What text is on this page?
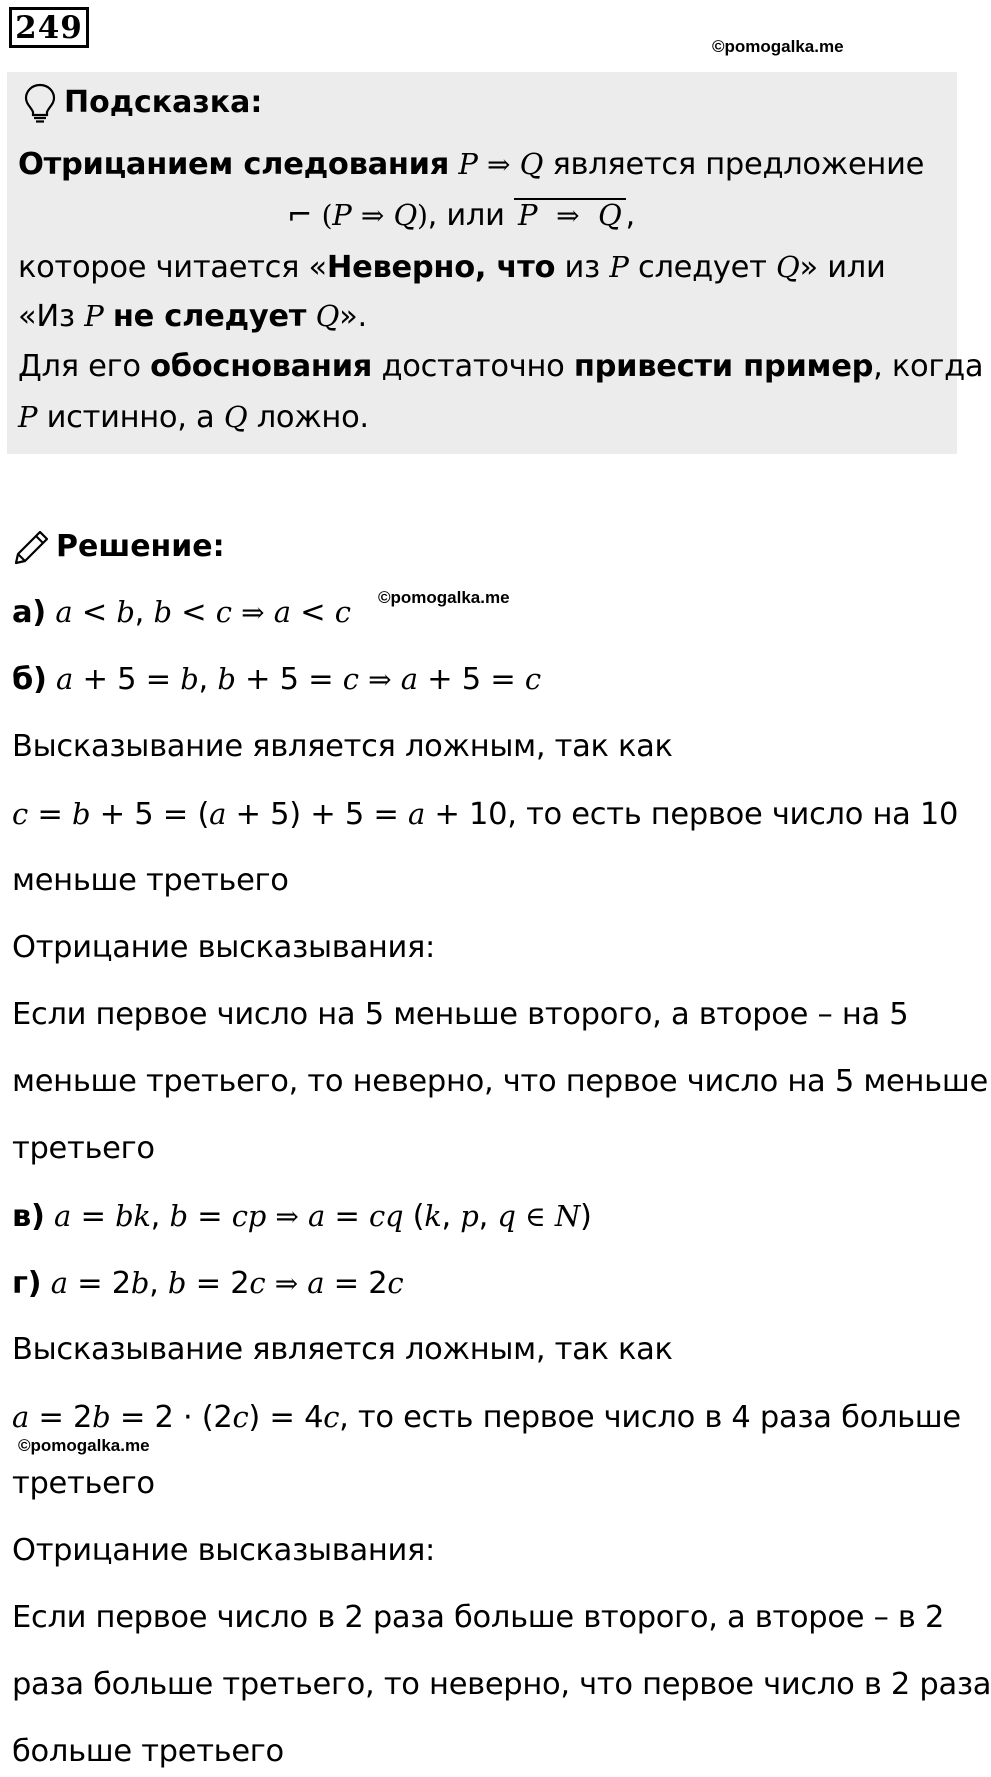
249
©pomogalka.me
Подсказка:
Отрицанием следования P ⇒ Q является предложение
⌐ (P ⇒ Q), или P ⇒ Q ,
которое читается «Неверно, что из P следует Q» или
«Из P не следует Q».
Для его обоснования достаточно привести пример, когда
P истинно, а Q ложно.
Решение:
а) a < b, b < c ⇒ a < c ©pomogalka.me
б) a + 5 = b, b + 5 = c ⇒ a + 5 = c
Высказывание является ложным, так как
c = b + 5 = (a + 5) + 5 = a + 10, то есть первое число на 10
меньше третьего
Отрицание высказывания:
Если первое число на 5 меньше второго, а второе – на 5
меньше третьего, то неверно, что первое число на 5 меньше
третьего
в) a = bk, b = cp ⇒ a = cq (k, p, q ∈ N)
г) a = 2b, b = 2c ⇒ a = 2c
Высказывание является ложным, так как
a = 2b = 2 · (2c) = 4c, то есть первое число в 4 раза больше
©pomogalka.me
третьего
Отрицание высказывания:
Если первое число в 2 раза больше второго, а второе – в 2
раза больше третьего, то неверно, что первое число в 2 раза
больше третьего
